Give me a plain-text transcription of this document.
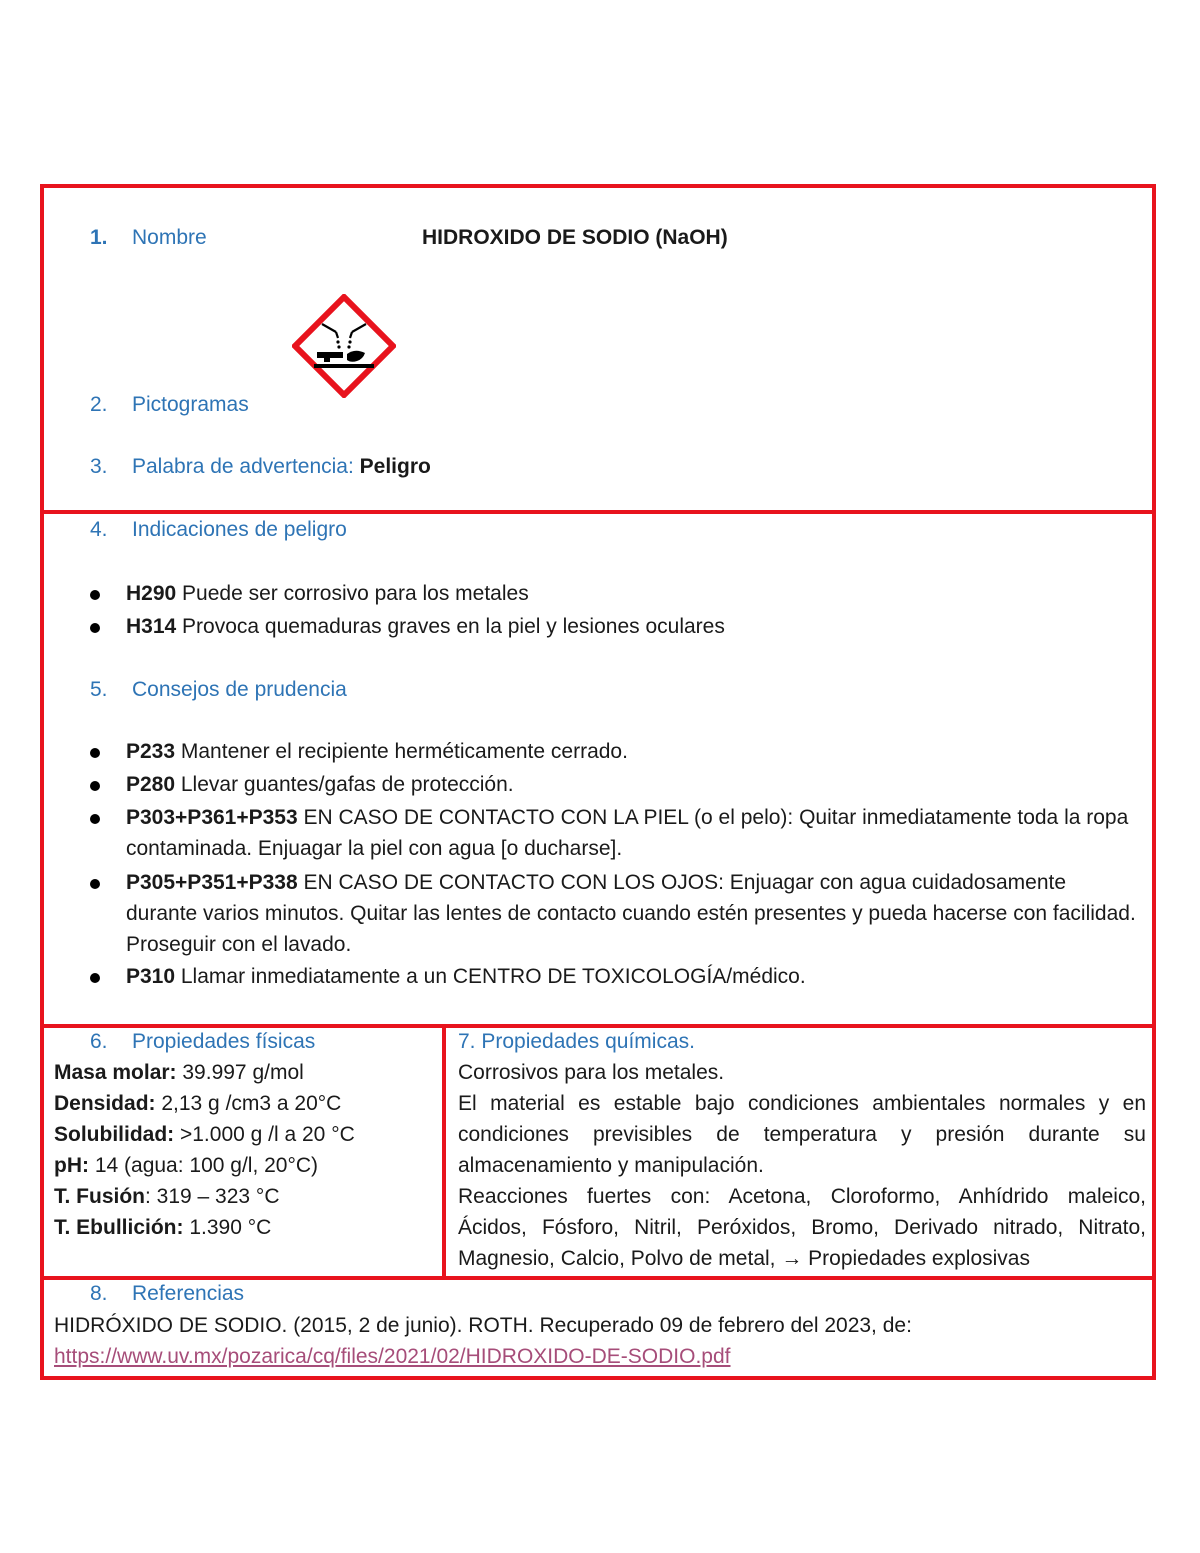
1. Nombre	HIDROXIDO DE SODIO (NaOH)
2. Pictogramas
3. Palabra de advertencia: Peligro
4. Indicaciones de peligro
H290 Puede ser corrosivo para los metales
H314 Provoca quemaduras graves en la piel y lesiones oculares
5. Consejos de prudencia
P233 Mantener el recipiente herméticamente cerrado.
P280 Llevar guantes/gafas de protección.
P303+P361+P353 EN CASO DE CONTACTO CON LA PIEL (o el pelo): Quitar inmediatamente toda la ropa contaminada. Enjuagar la piel con agua [o ducharse].
P305+P351+P338 EN CASO DE CONTACTO CON LOS OJOS: Enjuagar con agua cuidadosamente durante varios minutos. Quitar las lentes de contacto cuando estén presentes y pueda hacerse con facilidad. Proseguir con el lavado.
P310 Llamar inmediatamente a un CENTRO DE TOXICOLOGÍA/médico.
6. Propiedades físicas
Masa molar: 39.997 g/mol
Densidad: 2,13 g /cm3 a 20°C
Solubilidad: >1.000 g /l a 20 °C
pH: 14 (agua: 100 g/l, 20°C)
T. Fusión: 319 – 323 °C
T. Ebullición: 1.390 °C
7. Propiedades químicas.
Corrosivos para los metales.
El material es estable bajo condiciones ambientales normales y en
condiciones previsibles de temperatura y presión durante su
almacenamiento y manipulación.
Reacciones fuertes con: Acetona, Cloroformo, Anhídrido maleico,
Ácidos, Fósforo, Nitril, Peróxidos, Bromo, Derivado nitrado, Nitrato,
Magnesio, Calcio, Polvo de metal, → Propiedades explosivas
8. Referencias
HIDRÓXIDO DE SODIO. (2015, 2 de junio). ROTH. Recuperado 09 de febrero del 2023, de:
https://www.uv.mx/pozarica/cq/files/2021/02/HIDROXIDO-DE-SODIO.pdf
